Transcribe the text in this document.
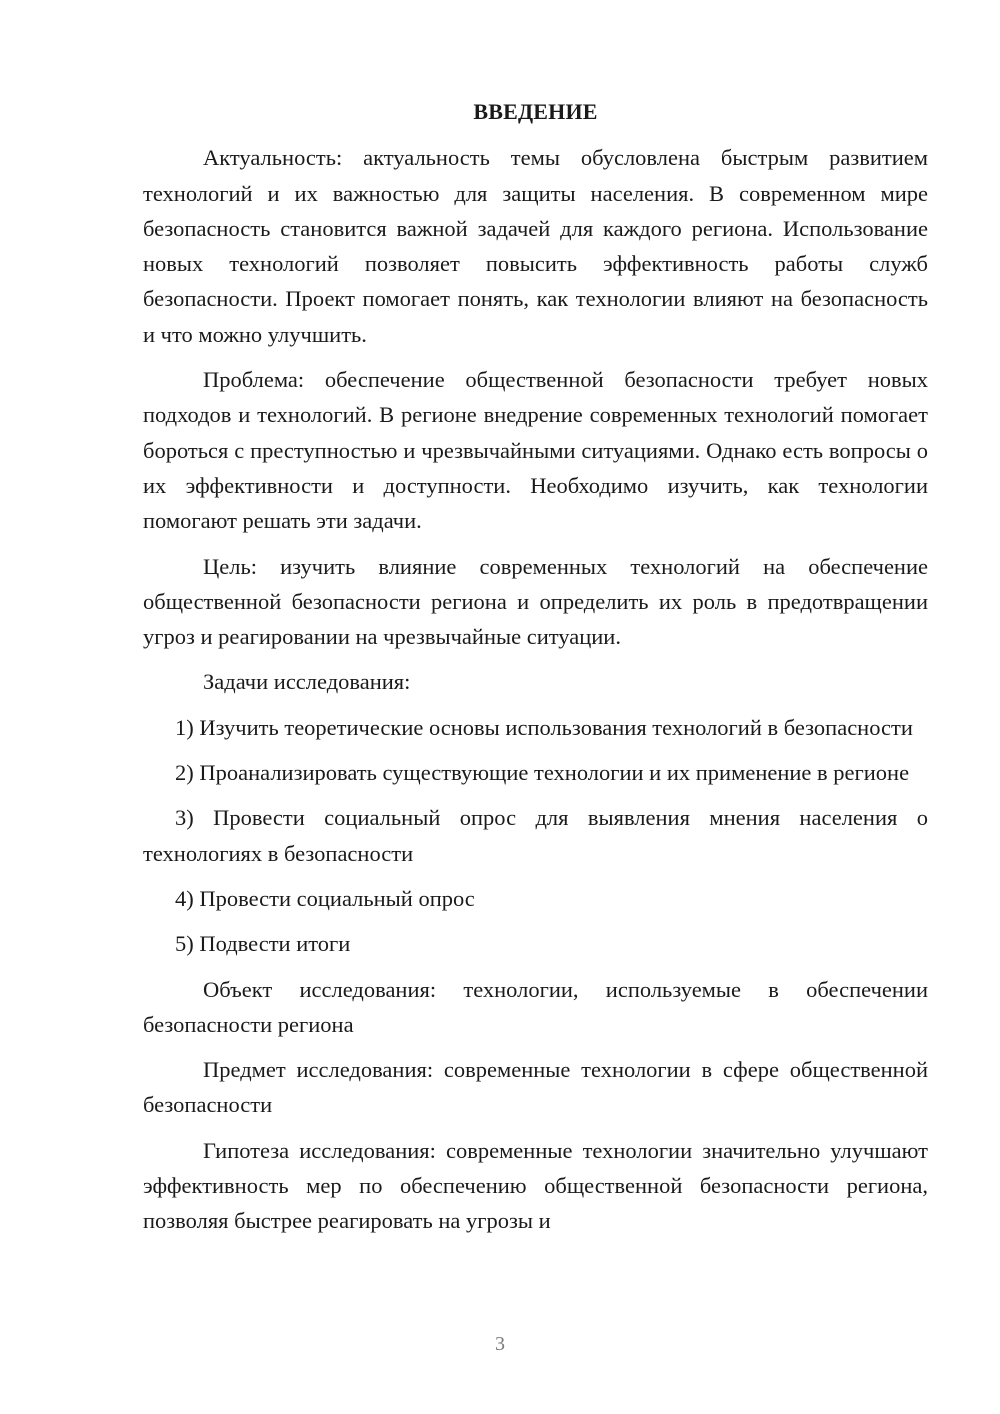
ВВЕДЕНИЕ

Актуальность: актуальность темы обусловлена быстрым развитием технологий и их важностью для защиты населения. В современном мире безопасность становится важной задачей для каждого региона. Использование новых технологий позволяет повысить эффективность работы служб безопасности. Проект помогает понять, как технологии влияют на безопасность и что можно улучшить.

Проблема: обеспечение общественной безопасности требует новых подходов и технологий. В регионе внедрение современных технологий помогает бороться с преступностью и чрезвычайными ситуациями. Однако есть вопросы о их эффективности и доступности. Необходимо изучить, как технологии помогают решать эти задачи.

Цель: изучить влияние современных технологий на обеспечение общественной безопасности региона и определить их роль в предотвращении угроз и реагировании на чрезвычайные ситуации.

Задачи исследования:

1) Изучить теоретические основы использования технологий в безопасности

2) Проанализировать существующие технологии и их применение в регионе

3) Провести социальный опрос для выявления мнения населения о технологиях в безопасности

4) Провести социальный опрос

5) Подвести итоги

Объект исследования: технологии, используемые в обеспечении безопасности региона

Предмет исследования: современные технологии в сфере общественной безопасности

Гипотеза исследования: современные технологии значительно улучшают эффективность мер по обеспечению общественной безопасности региона, позволяя быстрее реагировать на угрозы и

3
